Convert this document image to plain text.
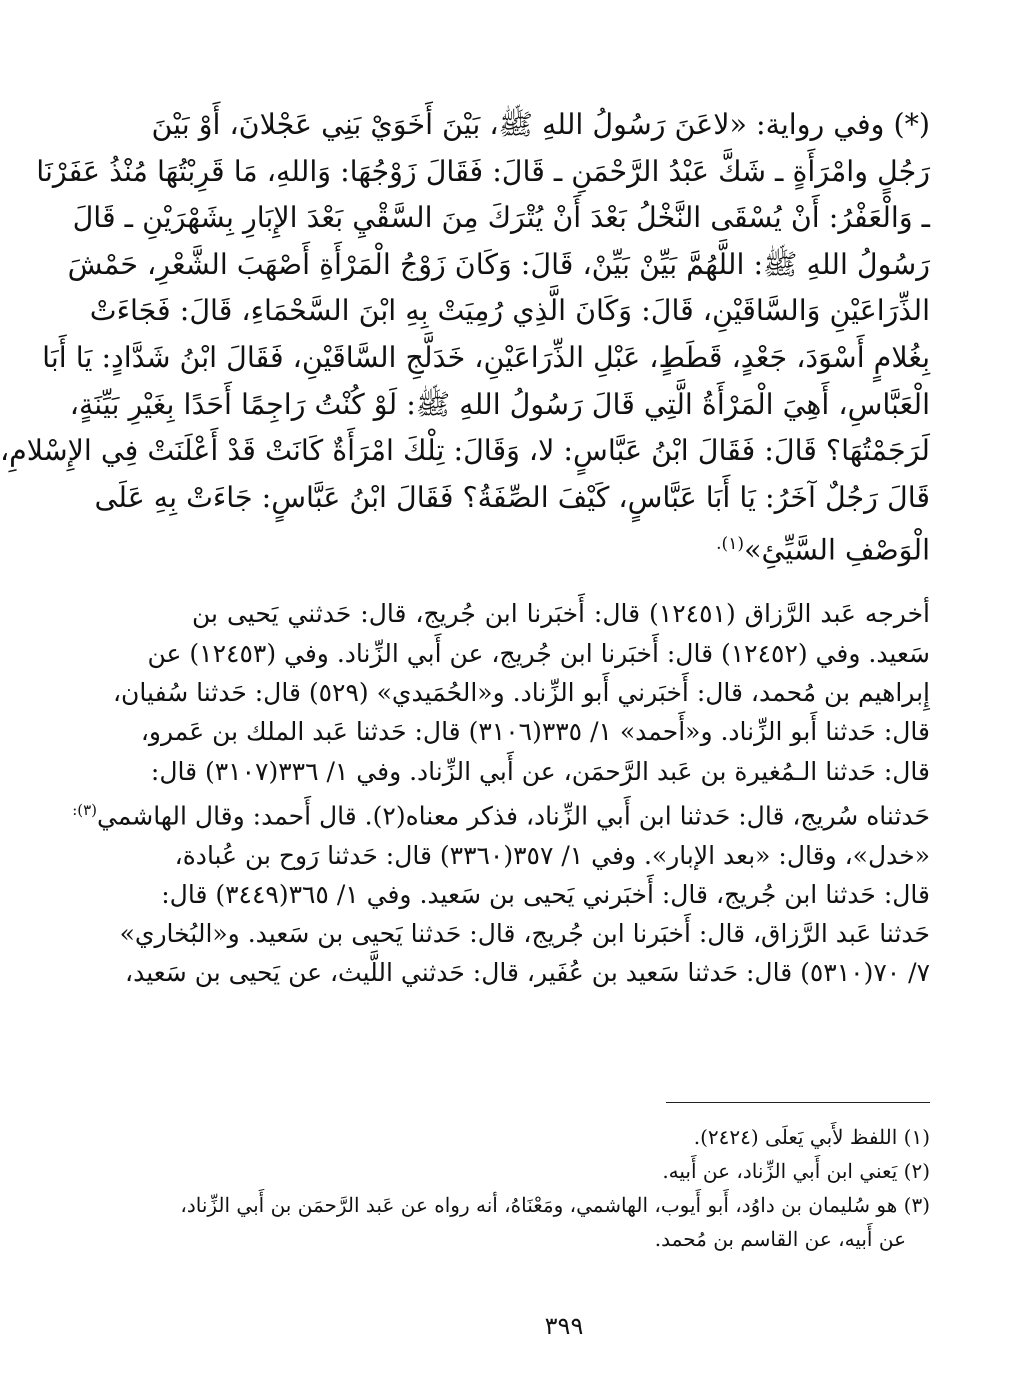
(*) وفي رواية: «لاعَنَ رَسُولُ اللهِ ﷺ، بَيْنَ أَخَوَيْ بَنِي عَجْلانَ، أَوْ بَيْنَ
رَجُلٍ وامْرَأَةٍ ـ شَكَّ عَبْدُ الرَّحْمَنِ ـ قَالَ: فَقَالَ زَوْجُهَا: وَاللهِ، مَا قَرِبْتُهَا مُنْذُ عَفَرْنَا
ـ وَالْعَفْرُ: أَنْ يُسْقَى النَّخْلُ بَعْدَ أَنْ يُتْرَكَ مِنَ السَّقْيِ بَعْدَ الإِبَارِ بِشَهْرَيْنِ ـ قَالَ
رَسُولُ اللهِ ﷺ: اللَّهُمَّ بَيِّنْ بَيِّنْ، قَالَ: وَكَانَ زَوْجُ الْمَرْأَةِ أَصْهَبَ الشَّعْرِ، حَمْشَ
الذِّرَاعَيْنِ وَالسَّاقَيْنِ، قَالَ: وَكَانَ الَّذِي رُمِيَتْ بِهِ ابْنَ السَّحْمَاءِ، قَالَ: فَجَاءَتْ
بِغُلامٍ أَسْوَدَ، جَعْدٍ، قَطَطٍ، عَبْلِ الذِّرَاعَيْنِ، خَدَلَّجِ السَّاقَيْنِ، فَقَالَ ابْنُ شَدَّادٍ: يَا أَبَا
الْعَبَّاسِ، أَهِيَ الْمَرْأَةُ الَّتِي قَالَ رَسُولُ اللهِ ﷺ: لَوْ كُنْتُ رَاجِمًا أَحَدًا بِغَيْرِ بَيِّنَةٍ،
لَرَجَمْتُهَا؟ قَالَ: فَقَالَ ابْنُ عَبَّاسٍ: لا، وَقَالَ: تِلْكَ امْرَأَةٌ كَانَتْ قَدْ أَعْلَنَتْ فِي الإِسْلامِ،
قَالَ رَجُلٌ آخَرُ: يَا أَبَا عَبَّاسٍ، كَيْفَ الصِّفَةُ؟ فَقَالَ ابْنُ عَبَّاسٍ: جَاءَتْ بِهِ عَلَى
الْوَصْفِ السَّيِّئِ»$^{(١).}$
أخرجه عَبد الرَّزاق (١٢٤٥١) قال: أَخبَرنا ابن جُريج، قال: حَدثني يَحيى بن
سَعيد. وفي (١٢٤٥٢) قال: أَخبَرنا ابن جُريج، عن أَبي الزِّناد. وفي (١٢٤٥٣) عن
إِبراهيم بن مُحمد، قال: أَخبَرني أَبو الزِّناد. و«الحُمَيدي» (٥٢٩) قال: حَدثنا سُفيان،
قال: حَدثنا أَبو الزِّناد. و«أَحمد» ١/ ٣٣٥(٣١٠٦) قال: حَدثنا عَبد الملك بن عَمرو،
قال: حَدثنا الـمُغيرة بن عَبد الرَّحمَن، عن أَبي الزِّناد. وفي ١/ ٣٣٦(٣١٠٧) قال:
حَدثناه سُريج، قال: حَدثنا ابن أَبي الزِّناد، فذكر معناه(٢). قال أَحمد: وقال الهاشمي$^{(٣):}$
«خدل»، وقال: «بعد الإبار». وفي ١/ ٣٥٧(٣٣٦٠) قال: حَدثنا رَوح بن عُبادة،
قال: حَدثنا ابن جُريج، قال: أَخبَرني يَحيى بن سَعيد. وفي ١/ ٣٦٥(٣٤٤٩) قال:
حَدثنا عَبد الرَّزاق، قال: أَخبَرنا ابن جُريج، قال: حَدثنا يَحيى بن سَعيد. و«البُخاري»
٧/ ٧٠(٥٣١٠) قال: حَدثنا سَعيد بن عُفَير، قال: حَدثني اللَّيث، عن يَحيى بن سَعيد،
(١) اللفظ لأَبي يَعلَى (٢٤٢٤).
(٢) يَعني ابن أَبي الزِّناد، عن أَبيه.
(٣) هو سُليمان بن داوُد، أَبو أَيوب، الهاشمي، ومَعْنَاهُ، أنه رواه عن عَبد الرَّحمَن بن أَبي الزِّناد،
عن أَبيه، عن القاسم بن مُحمد.
٣٩٩
